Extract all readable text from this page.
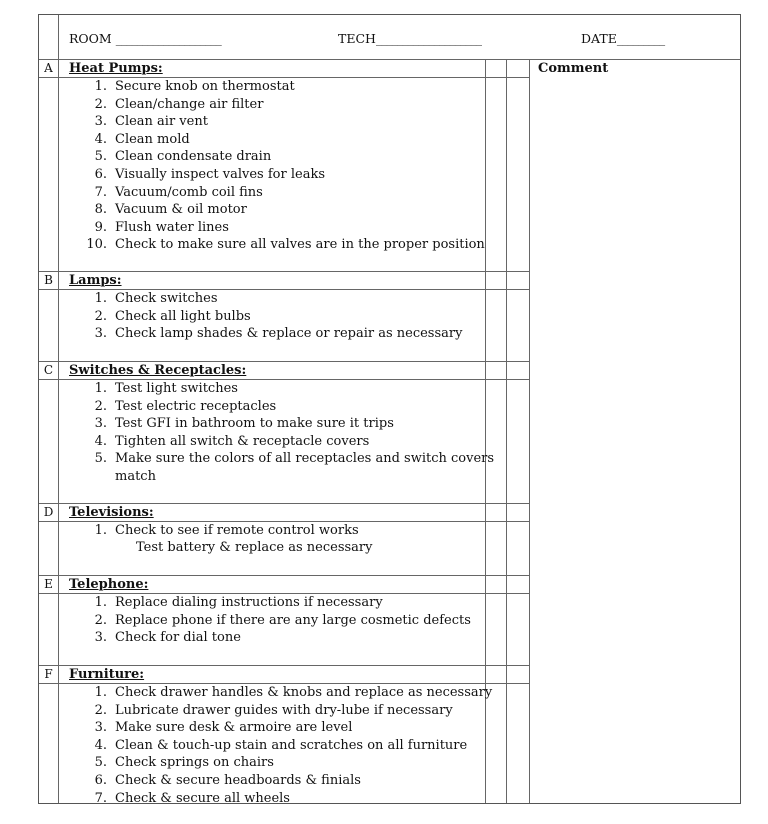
ROOM ____________________	TECH____________________	DATE_________
Comment
A	Heat Pumps:
1. Secure knob on thermostat
2. Clean/change air filter
3. Clean air vent
4. Clean mold
5. Clean condensate drain
6. Visually inspect valves for leaks
7. Vacuum/comb coil fins
8. Vacuum & oil motor
9. Flush water lines
10. Check to make sure all valves are in the proper position
B	Lamps:
1. Check switches
2. Check all light bulbs
3. Check lamp shades & replace or repair as necessary
C	Switches & Receptacles:
1. Test light switches
2. Test electric receptacles
3. Test GFI in bathroom to make sure it trips
4. Tighten all switch & receptacle covers
5. Make sure the colors of all receptacles and switch covers match
D	Televisions:
1. Check to see if remote control works
Test battery & replace as necessary
E	Telephone:
1. Replace dialing instructions if necessary
2. Replace phone if there are any large cosmetic defects
3. Check for dial tone
F	Furniture:
1. Check drawer handles & knobs and replace as necessary
2. Lubricate drawer guides with dry-lube if necessary
3. Make sure desk & armoire are level
4. Clean & touch-up stain and scratches on all furniture
5. Check springs on chairs
6. Check & secure headboards & finials
7. Check & secure all wheels
